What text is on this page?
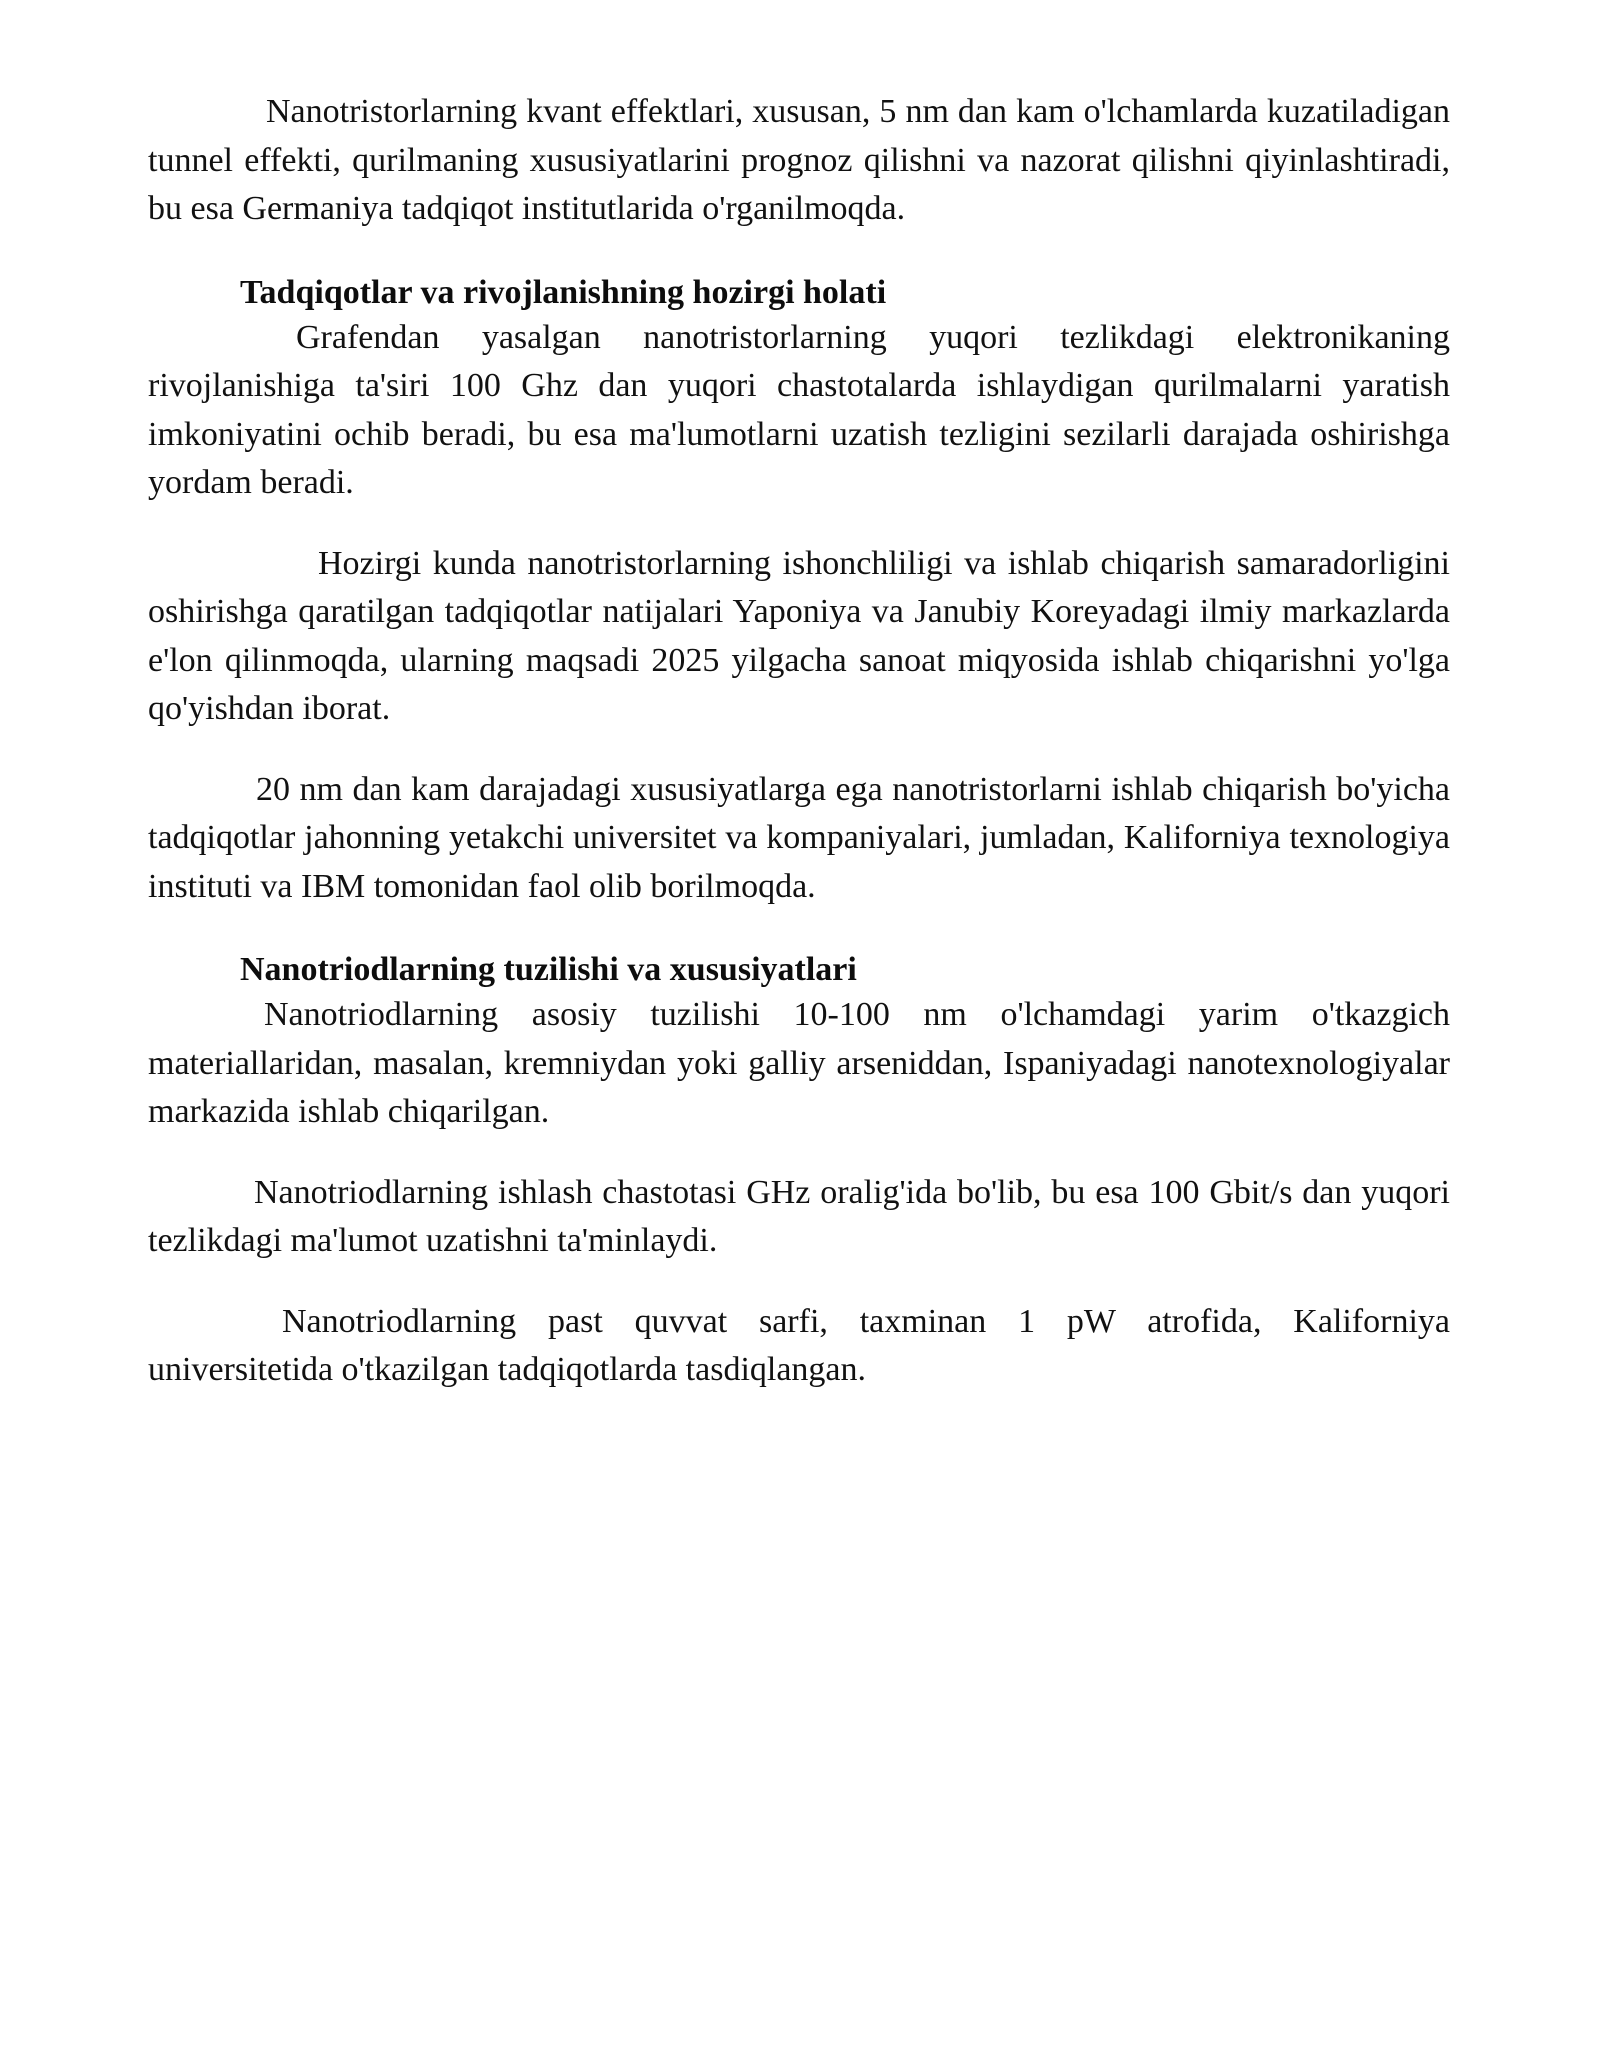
Nanotristorlarning kvant effektlari, xususan, 5 nm dan kam o'lchamlarda kuzatiladigan tunnel effekti, qurilmaning xususiyatlarini prognoz qilishni va nazorat qilishni qiyinlashtiradi, bu esa Germaniya tadqiqot institutlarida o'rganilmoqda.

Tadqiqotlar va rivojlanishning hozirgi holati

Grafendan yasalgan nanotristorlarning yuqori tezlikdagi elektronikaning rivojlanishiga ta'siri 100 Ghz dan yuqori chastotalarda ishlaydigan qurilmalarni yaratish imkoniyatini ochib beradi, bu esa ma'lumotlarni uzatish tezligini sezilarli darajada oshirishga yordam beradi.

Hozirgi kunda nanotristorlarning ishonchliligi va ishlab chiqarish samaradorligini oshirishga qaratilgan tadqiqotlar natijalari Yaponiya va Janubiy Koreyadagi ilmiy markazlarda e'lon qilinmoqda, ularning maqsadi 2025 yilgacha sanoat miqyosida ishlab chiqarishni yo'lga qo'yishdan iborat.

20 nm dan kam darajadagi xususiyatlarga ega nanotristorlarni ishlab chiqarish bo'yicha tadqiqotlar jahonning yetakchi universitet va kompaniyalari, jumladan, Kaliforniya texnologiya instituti va IBM tomonidan faol olib borilmoqda.

Nanotriodlarning tuzilishi va xususiyatlari

Nanotriodlarning asosiy tuzilishi 10-100 nm o'lchamdagi yarim o'tkazgich materiallaridan, masalan, kremniydan yoki galliy arseniddan, Ispaniyadagi nanotexnologiyalar markazida ishlab chiqarilgan.

Nanotriodlarning ishlash chastotasi GHz oralig'ida bo'lib, bu esa 100 Gbit/s dan yuqori tezlikdagi ma'lumot uzatishni ta'minlaydi.

Nanotriodlarning past quvvat sarfi, taxminan 1 pW atrofida, Kaliforniya universitetida o'tkazilgan tadqiqotlarda tasdiqlangan.
